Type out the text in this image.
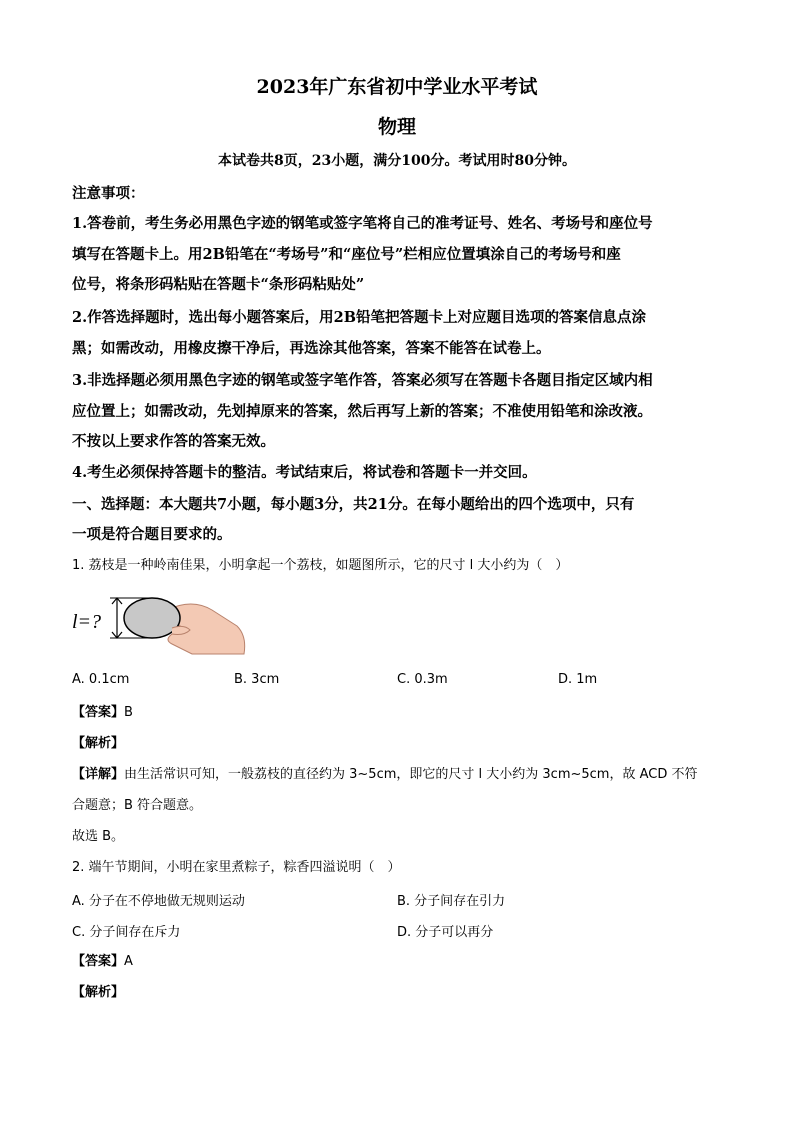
2023年广东省初中学业水平考试
物理
本试卷共8页，23小题，满分100分。考试用时80分钟。
注意事项：
1.答卷前，考生务必用黑色字迹的钢笔或签字笔将自己的准考证号、姓名、考场号和座位号
填写在答题卡上。用2B铅笔在“考场号”和“座位号”栏相应位置填涂自己的考场号和座
位号，将条形码粘贴在答题卡“条形码粘贴处”
2.作答选择题时，选出每小题答案后，用2B铅笔把答题卡上对应题目选项的答案信息点涂
黑；如需改动，用橡皮擦干净后，再选涂其他答案，答案不能答在试卷上。
3.非选择题必须用黑色字迹的钢笔或签字笔作答，答案必须写在答题卡各题目指定区域内相
应位置上；如需改动，先划掉原来的答案，然后再写上新的答案；不准使用铅笔和涂改液。
不按以上要求作答的答案无效。
4.考生必须保持答题卡的整洁。考试结束后，将试卷和答题卡一并交回。
一、选择题：本大题共7小题，每小题3分，共21分。在每小题给出的四个选项中，只有
一项是符合题目要求的。
1. 荔枝是一种岭南佳果，小明拿起一个荔枝，如题图所示，它的尺寸 l 大小约为（　）
l=?
A. 0.1cm	B. 3cm	C. 0.3m	D. 1m
【答案】B
【解析】
【详解】由生活常识可知，一般荔枝的直径约为 3~5cm，即它的尺寸 l 大小约为 3cm~5cm，故 ACD 不符
合题意；B 符合题意。
故选 B。
2. 端午节期间，小明在家里煮粽子，粽香四溢说明（　）
A. 分子在不停地做无规则运动	B. 分子间存在引力
C. 分子间存在斥力	D. 分子可以再分
【答案】A
【解析】
